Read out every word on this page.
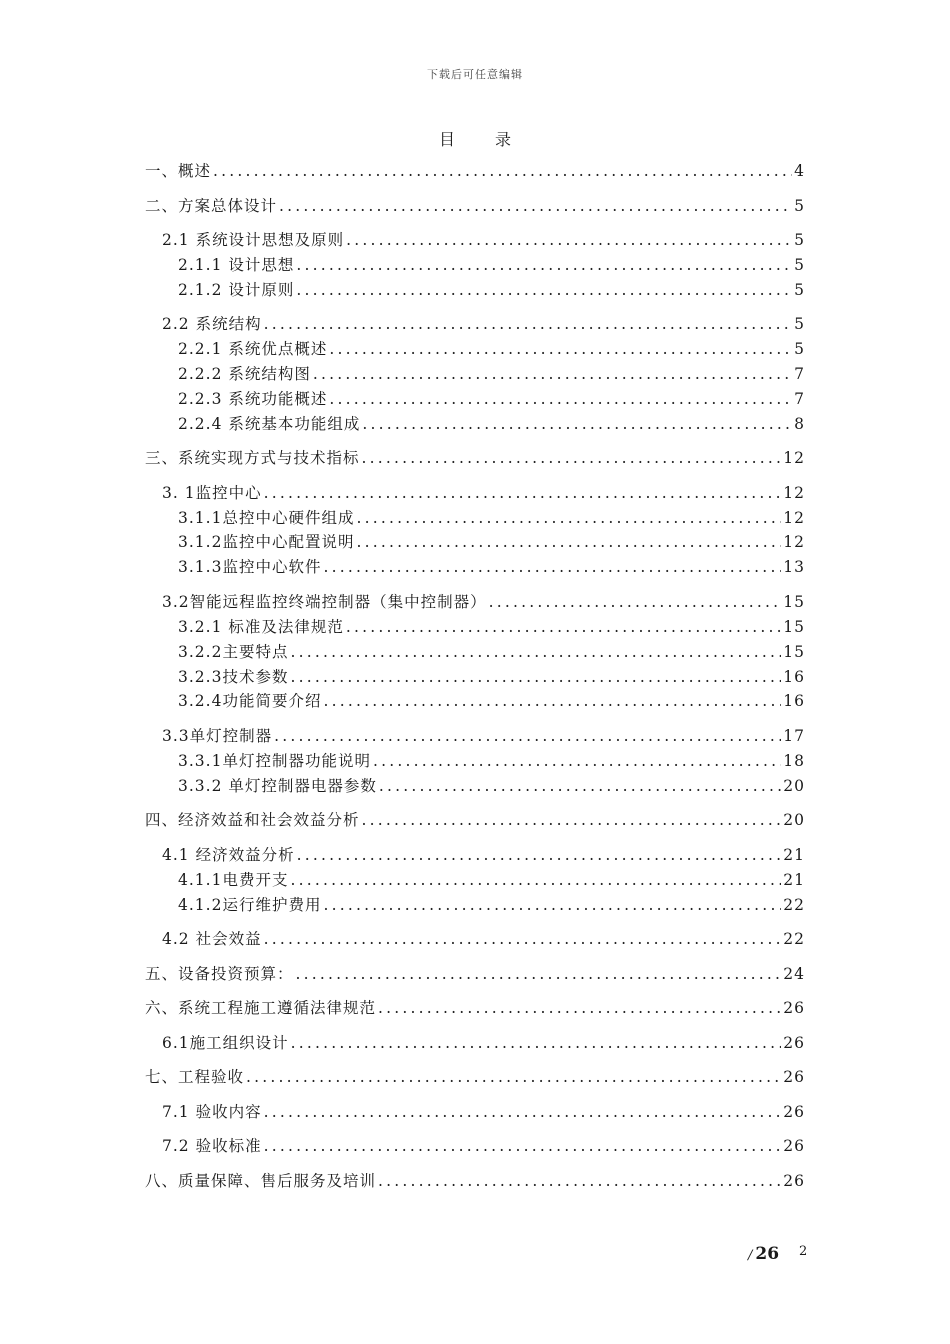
下载后可任意编辑
目	录
一、概述 .....	4
二、方案总体设计 .....	5
2.1 系统设计思想及原则 .....	5
2.1.1 设计思想 .....	5
2.1.2 设计原则 .....	5
2.2 系统结构 .....	5
2.2.1 系统优点概述 .....	5
2.2.2 系统结构图 .....	7
2.2.3 系统功能概述 .....	7
2.2.4 系统基本功能组成 .....	8
三、系统实现方式与技术指标 .....	12
3. 1监控中心 .....	12
3.1.1总控中心硬件组成 .....	12
3.1.2监控中心配置说明 .....	12
3.1.3监控中心软件 .....	13
3.2智能远程监控终端控制器（集中控制器） .....	15
3.2.1 标准及法律规范 .....	15
3.2.2主要特点 .....	15
3.2.3技术参数 .....	16
3.2.4功能简要介绍 .....	16
3.3单灯控制器 .....	17
3.3.1单灯控制器功能说明 .....	18
3.3.2 单灯控制器电器参数 .....	20
四、经济效益和社会效益分析 .....	20
4.1 经济效益分析 .....	21
4.1.1电费开支 .....	21
4.1.2运行维护费用 .....	22
4.2 社会效益 .....	22
五、设备投资预算： .....	24
六、系统工程施工遵循法律规范 .....	26
6.1施工组织设计 .....	26
七、工程验收 .....	26
7.1 验收内容 .....	26
7.2 验收标准 .....	26
八、质量保障、售后服务及培训 .....	26
/ 26 2
